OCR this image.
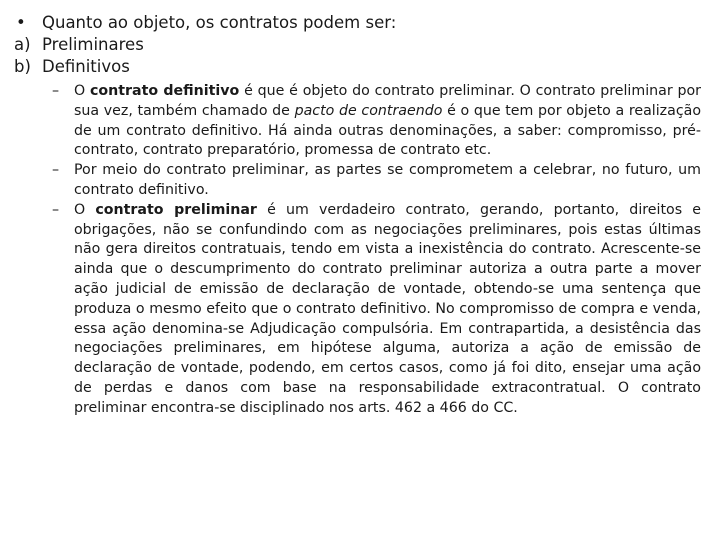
• Quanto ao objeto, os contratos podem ser:
a) Preliminares
b) Definitivos
–	O contrato definitivo é que é objeto do contrato preliminar. O contrato preliminar por sua vez, também chamado de pacto de contraendo é o que tem por objeto a realização de um contrato definitivo. Há ainda outras denominações, a saber: compromisso, pré-contrato, contrato preparatório, promessa de contrato etc.
–	Por meio do contrato preliminar, as partes se comprometem a celebrar, no futuro, um contrato definitivo.
–	O contrato preliminar é um verdadeiro contrato, gerando, portanto, direitos e obrigações, não se confundindo com as negociações preliminares, pois estas últimas não gera direitos contratuais, tendo em vista a inexistência do contrato. Acrescente-se ainda que o descumprimento do contrato preliminar autoriza a outra parte a mover ação judicial de emissão de declaração de vontade, obtendo-se uma sentença que produza o mesmo efeito que o contrato definitivo. No compromisso de compra e venda, essa ação denomina-se Adjudicação compulsória. Em contrapartida, a desistência das negociações preliminares, em hipótese alguma, autoriza a ação de emissão de declaração de vontade, podendo, em certos casos, como já foi dito, ensejar uma ação de perdas e danos com base na responsabilidade extracontratual. O contrato preliminar encontra-se disciplinado nos arts. 462 a 466 do CC.
